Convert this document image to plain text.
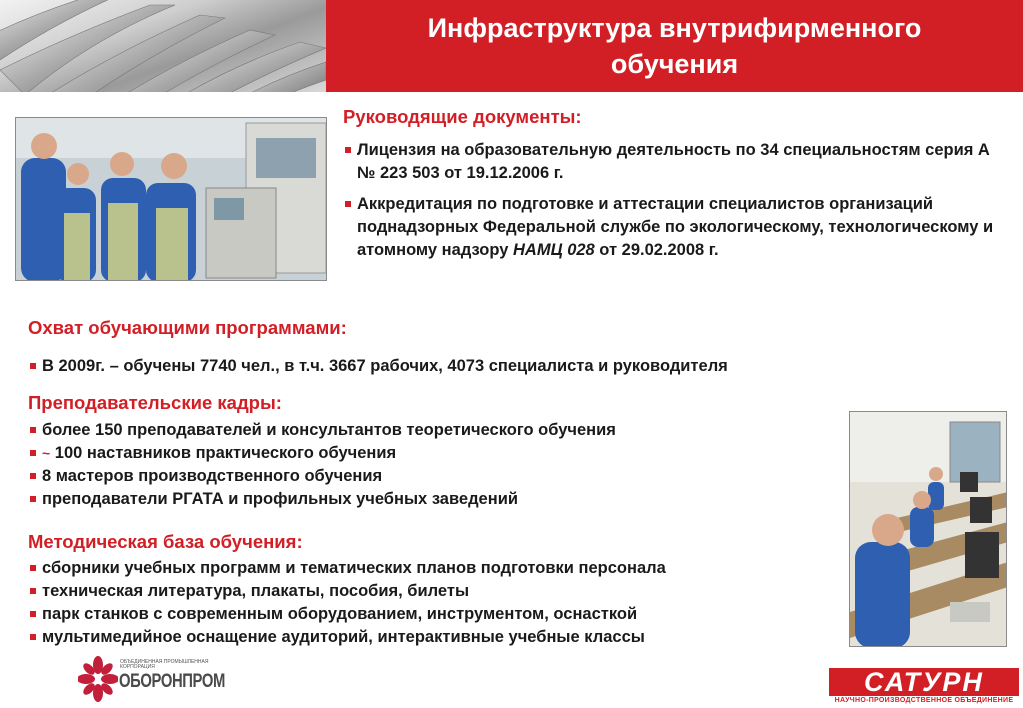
Инфраструктура внутрифирменного обучения
Руководящие документы:
Лицензия на образовательную деятельность по 34 специальностям серия А № 223 503 от 19.12.2006 г.
Аккредитация по подготовке и аттестации специалистов организаций поднадзорных Федеральной службе по экологическому, технологическому и атомному надзору НАМЦ 028 от 29.02.2008 г.
Охват обучающими программами:
В 2009г. – обучены 7740 чел., в т.ч. 3667 рабочих, 4073 специалиста и руководителя
Преподавательские кадры:
более 150 преподавателей и консультантов теоретического обучения
~ 100 наставников практического обучения
8 мастеров производственного обучения
преподаватели РГАТА и профильных учебных заведений
Методическая база обучения:
сборники учебных программ и тематических планов подготовки персонала
техническая литература, плакаты, пособия, билеты
парк станков с современным оборудованием, инструментом, оснасткой
мультимедийное оснащение аудиторий, интерактивные учебные классы
ОБЪЕДИНЕННАЯ ПРОМЫШЛЕННАЯ КОРПОРАЦИЯ
ОБОРОНПРОМ	САТУРН
НАУЧНО-ПРОИЗВОДСТВЕННОЕ ОБЪЕДИНЕНИЕ
